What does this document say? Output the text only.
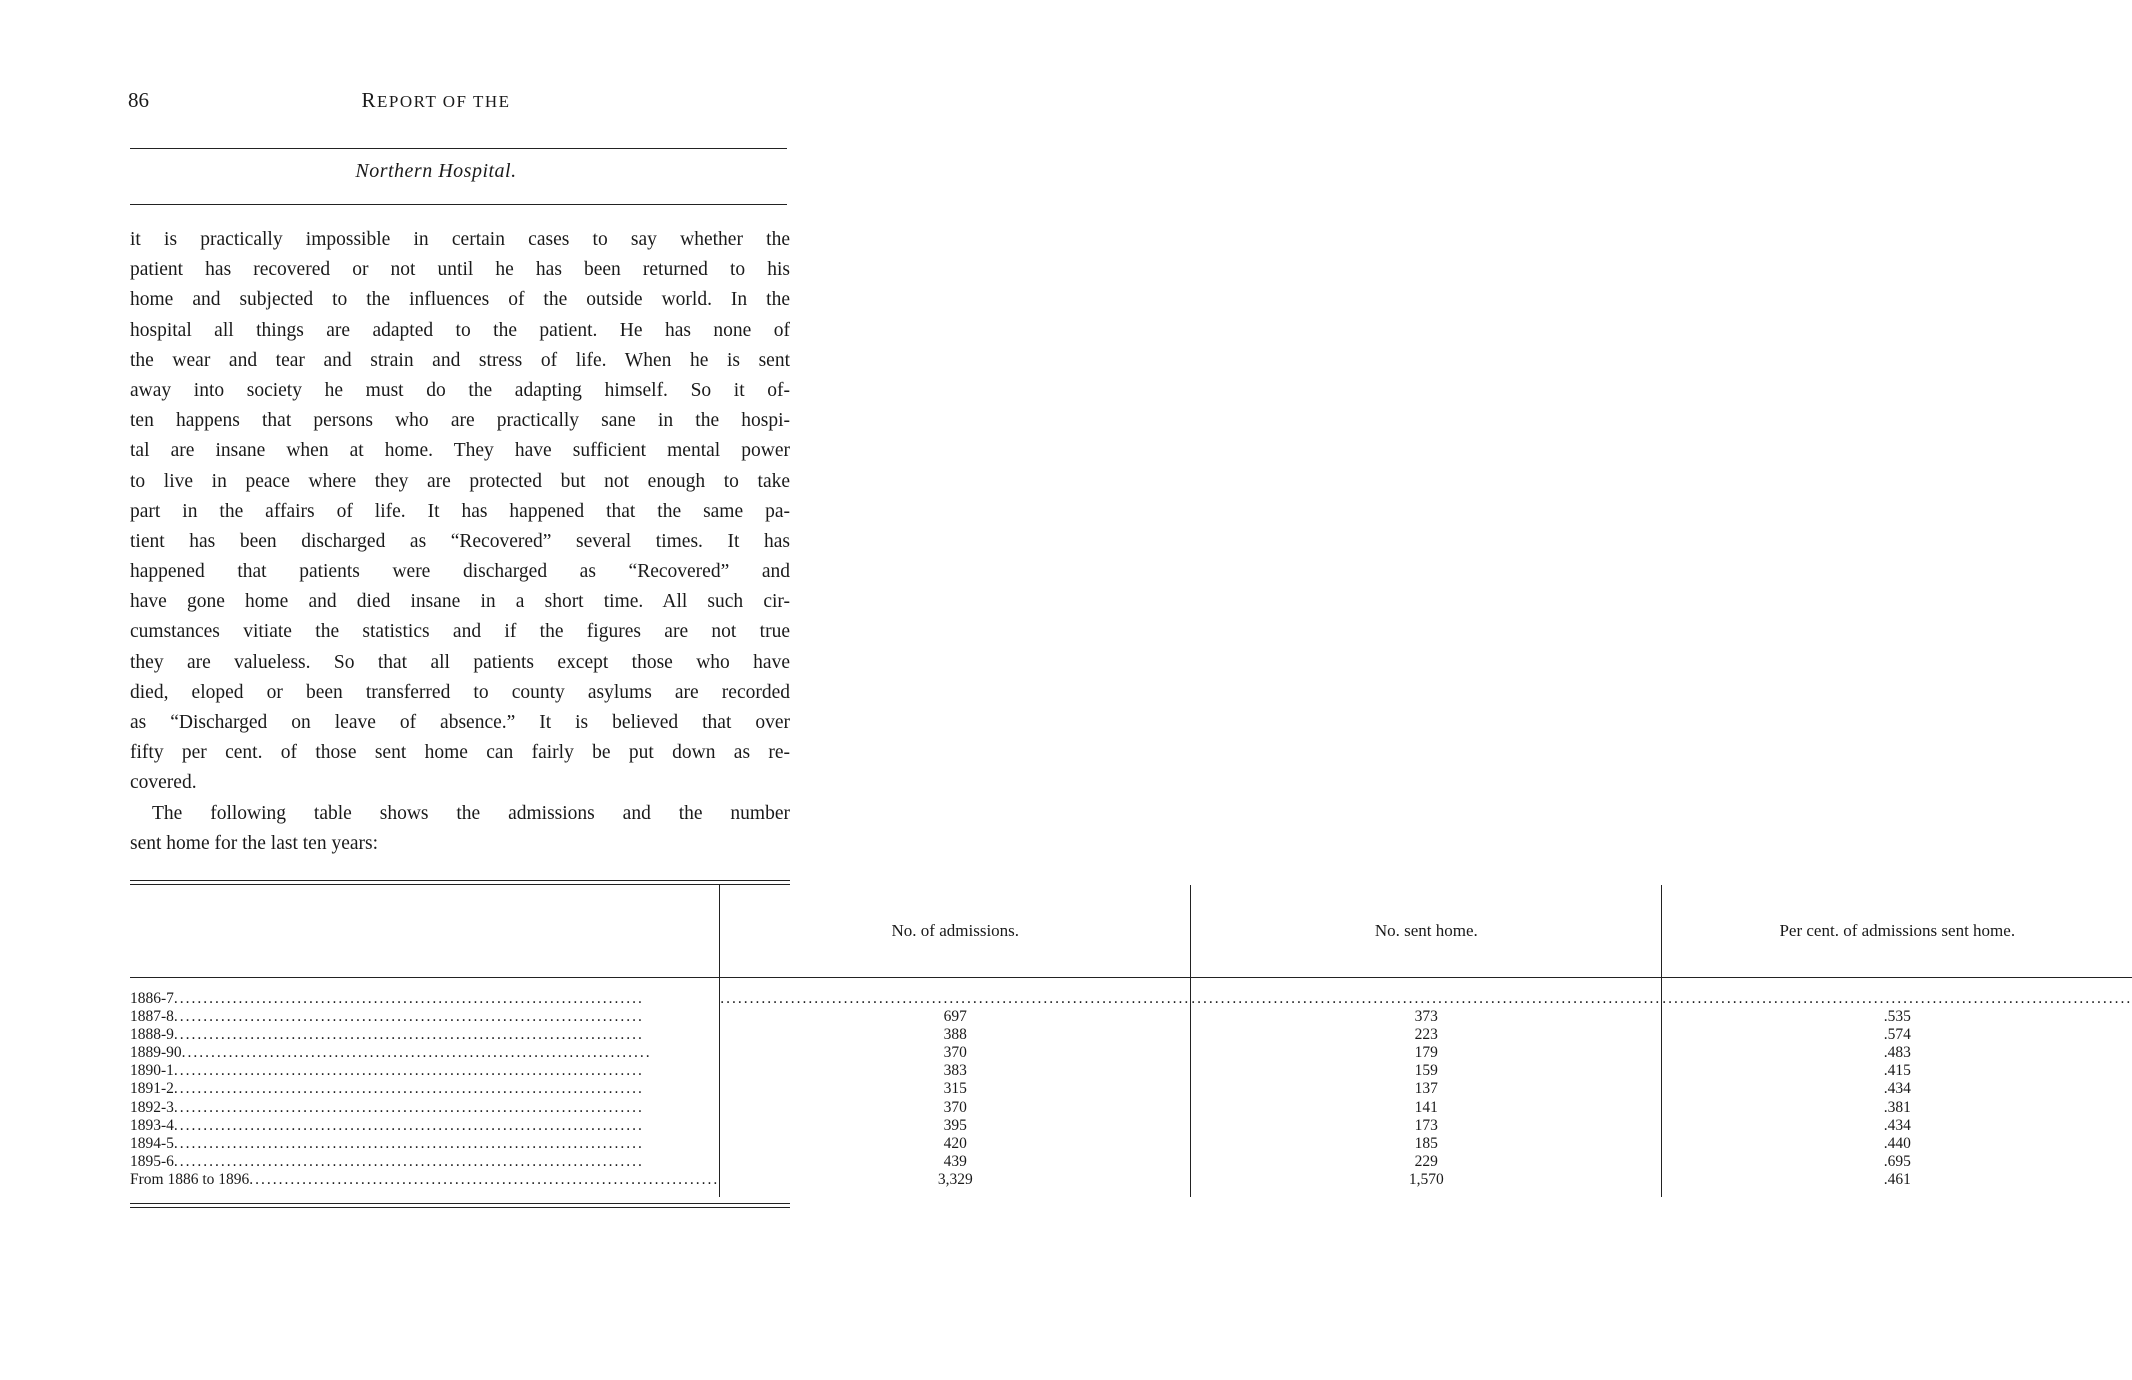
86	REPORT OF THE
Northern Hospital.
it is practically impossible in certain cases to say whether the
patient has recovered or not until he has been returned to his
home and subjected to the influences of the outside world. In the
hospital all things are adapted to the patient. He has none of
the wear and tear and strain and stress of life. When he is sent
away into society he must do the adapting himself. So it of-
ten happens that persons who are practically sane in the hospi-
tal are insane when at home. They have sufficient mental power
to live in peace where they are protected but not enough to take
part in the affairs of life. It has happened that the same pa-
tient has been discharged as “Recovered” several times. It has
happened that patients were discharged as “Recovered” and
have gone home and died insane in a short time. All such cir-
cumstances vitiate the statistics and if the figures are not true
they are valueless. So that all patients except those who have
died, eloped or been transferred to county asylums are recorded
as “Discharged on leave of absence.” It is believed that over
fifty per cent. of those sent home can fairly be put down as re-
covered.
The following table shows the admissions and the number
sent home for the last ten years:
	No. of admissions.	No. sent home.	Per cent. of admissions sent home.

1886-7 ................................................................................	................................................................................	................................................................................	................................................................................

1887-8 ................................................................................	697	373	.535

1888-9 ................................................................................	388	223	.574

1889-90 ................................................................................	370	179	.483

1890-1 ................................................................................	383	159	.415

1891-2 ................................................................................	315	137	.434

1892-3 ................................................................................	370	141	.381

1893-4 ................................................................................	395	173	.434

1894-5 ................................................................................	420	185	.440

1895-6 ................................................................................	439	229	.695

From 1886 to 1896 ................................................................................	3,329	1,570	.461
